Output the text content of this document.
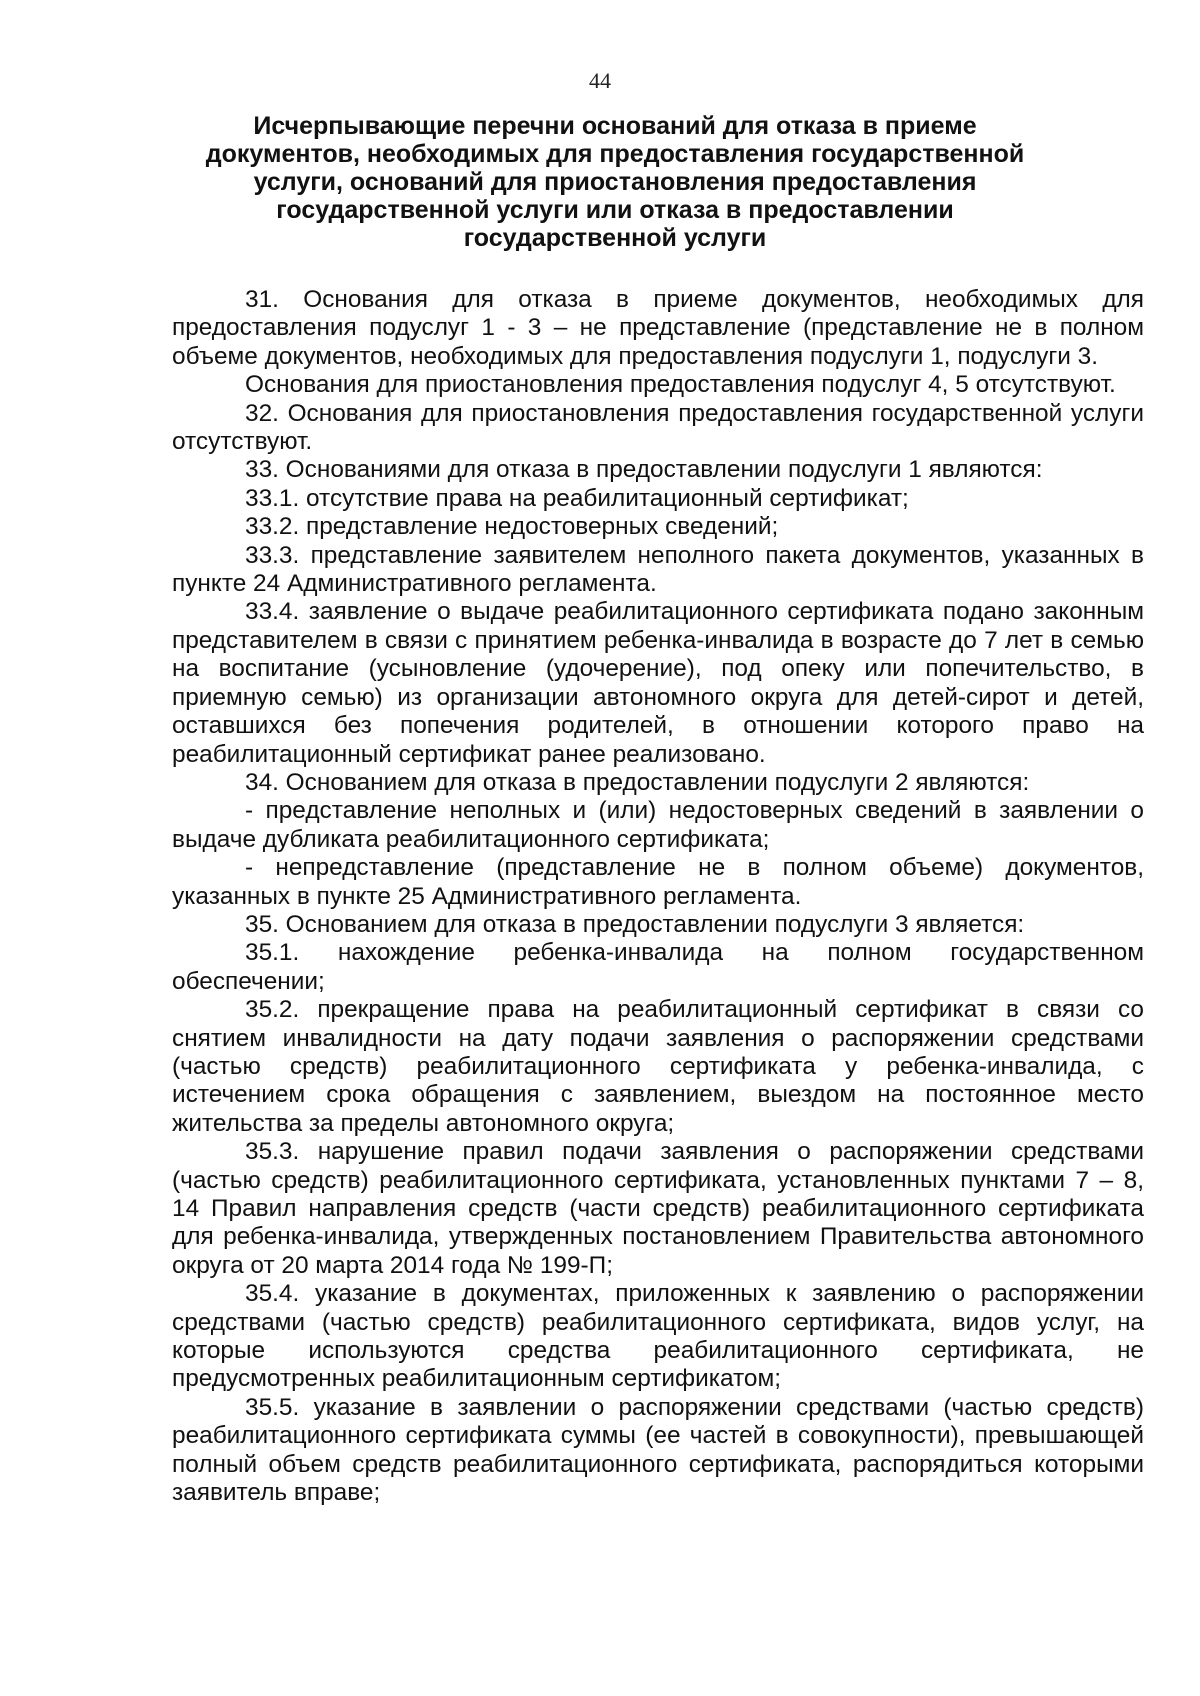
44
Исчерпывающие перечни оснований для отказа в приеме
документов, необходимых для предоставления государственной
услуги, оснований для приостановления предоставления
государственной услуги или отказа в предоставлении
государственной услуги

31. Основания для отказа в приеме документов, необходимых для предоставления подуслуг 1 - 3 – не представление (представление не в полном объеме документов, необходимых для предоставления подуслуги 1, подуслуги 3.

Основания для приостановления предоставления подуслуг 4, 5 отсутствуют.

32. Основания для приостановления предоставления государственной услуги отсутствуют.

33. Основаниями для отказа в предоставлении подуслуги 1 являются:

33.1. отсутствие права на реабилитационный сертификат;

33.2. представление недостоверных сведений;

33.3. представление заявителем неполного пакета документов, указанных в пункте 24 Административного регламента.

33.4. заявление о выдаче реабилитационного сертификата подано законным представителем в связи с принятием ребенка-инвалида в возрасте до 7 лет в семью на воспитание (усыновление (удочерение), под опеку или попечительство, в приемную семью) из организации автономного округа для детей-сирот и детей, оставшихся без попечения родителей, в отношении которого право на реабилитационный сертификат ранее реализовано.

34. Основанием для отказа в предоставлении подуслуги 2 являются:

- представление неполных и (или) недостоверных сведений в заявлении о выдаче дубликата реабилитационного сертификата;

- непредставление (представление не в полном объеме) документов, указанных в пункте 25 Административного регламента.

35. Основанием для отказа в предоставлении подуслуги 3 является:

35.1. нахождение ребенка-инвалида на полном государственном обеспечении;

35.2. прекращение права на реабилитационный сертификат в связи со снятием инвалидности на дату подачи заявления о распоряжении средствами (частью средств) реабилитационного сертификата у ребенка-инвалида, с истечением срока обращения с заявлением, выездом на постоянное место жительства за пределы автономного округа;

35.3. нарушение правил подачи заявления о распоряжении средствами (частью средств) реабилитационного сертификата, установленных пунктами 7 – 8, 14 Правил направления средств (части средств) реабилитационного сертификата для ребенка-инвалида, утвержденных постановлением Правительства автономного округа от 20 марта 2014 года № 199-П;

35.4. указание в документах, приложенных к заявлению о распоряжении средствами (частью средств) реабилитационного сертификата, видов услуг, на которые используются средства реабилитационного сертификата, не предусмотренных реабилитационным сертификатом;

35.5. указание в заявлении о распоряжении средствами (частью средств) реабилитационного сертификата суммы (ее частей в совокупности), превышающей полный объем средств реабилитационного сертификата, распорядиться которыми заявитель вправе;
